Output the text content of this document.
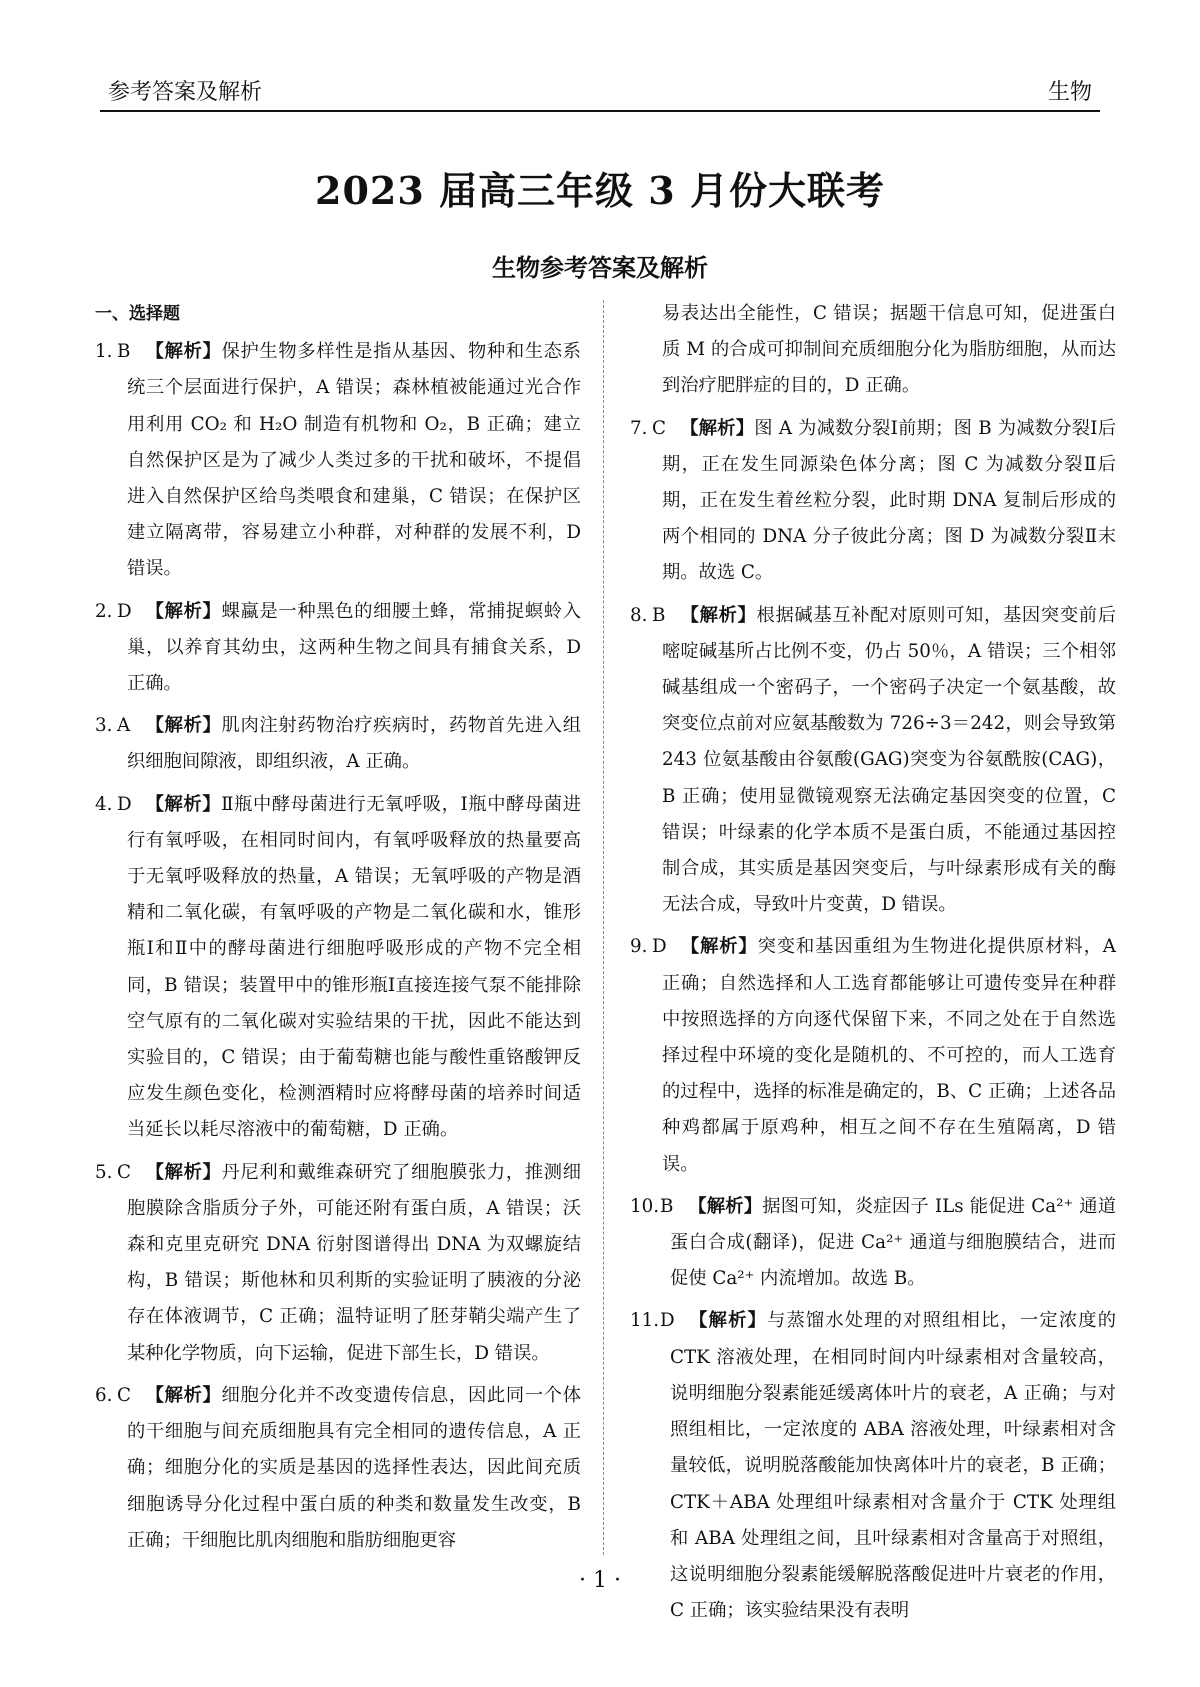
参考答案及解析	生物
2023 届高三年级 3 月份大联考
生物参考答案及解析
一、选择题
1. B 【解析】保护生物多样性是指从基因、物种和生态系统三个层面进行保护，A 错误；森林植被能通过光合作用利用 CO₂ 和 H₂O 制造有机物和 O₂，B 正确；建立自然保护区是为了减少人类过多的干扰和破坏，不提倡进入自然保护区给鸟类喂食和建巢，C 错误；在保护区建立隔离带，容易建立小种群，对种群的发展不利，D 错误。
2. D 【解析】蜾蠃是一种黑色的细腰土蜂，常捕捉螟蛉入巢，以养育其幼虫，这两种生物之间具有捕食关系，D 正确。
3. A 【解析】肌肉注射药物治疗疾病时，药物首先进入组织细胞间隙液，即组织液，A 正确。
4. D 【解析】Ⅱ瓶中酵母菌进行无氧呼吸，Ⅰ瓶中酵母菌进行有氧呼吸，在相同时间内，有氧呼吸释放的热量要高于无氧呼吸释放的热量，A 错误；无氧呼吸的产物是酒精和二氧化碳，有氧呼吸的产物是二氧化碳和水，锥形瓶Ⅰ和Ⅱ中的酵母菌进行细胞呼吸形成的产物不完全相同，B 错误；装置甲中的锥形瓶Ⅰ直接连接气泵不能排除空气原有的二氧化碳对实验结果的干扰，因此不能达到实验目的，C 错误；由于葡萄糖也能与酸性重铬酸钾反应发生颜色变化，检测酒精时应将酵母菌的培养时间适当延长以耗尽溶液中的葡萄糖，D 正确。
5. C 【解析】丹尼利和戴维森研究了细胞膜张力，推测细胞膜除含脂质分子外，可能还附有蛋白质，A 错误；沃森和克里克研究 DNA 衍射图谱得出 DNA 为双螺旋结构，B 错误；斯他林和贝利斯的实验证明了胰液的分泌存在体液调节，C 正确；温特证明了胚芽鞘尖端产生了某种化学物质，向下运输，促进下部生长，D 错误。
6. C 【解析】细胞分化并不改变遗传信息，因此同一个体的干细胞与间充质细胞具有完全相同的遗传信息，A 正确；细胞分化的实质是基因的选择性表达，因此间充质细胞诱导分化过程中蛋白质的种类和数量发生改变，B 正确；干细胞比肌肉细胞和脂肪细胞更容
易表达出全能性，C 错误；据题干信息可知，促进蛋白质 M 的合成可抑制间充质细胞分化为脂肪细胞，从而达到治疗肥胖症的目的，D 正确。
7. C 【解析】图 A 为减数分裂Ⅰ前期；图 B 为减数分裂Ⅰ后期，正在发生同源染色体分离；图 C 为减数分裂Ⅱ后期，正在发生着丝粒分裂，此时期 DNA 复制后形成的两个相同的 DNA 分子彼此分离；图 D 为减数分裂Ⅱ末期。故选 C。
8. B 【解析】根据碱基互补配对原则可知，基因突变前后嘧啶碱基所占比例不变，仍占 50％，A 错误；三个相邻碱基组成一个密码子，一个密码子决定一个氨基酸，故突变位点前对应氨基酸数为 726÷3＝242，则会导致第 243 位氨基酸由谷氨酸(GAG)突变为谷氨酰胺(CAG)，B 正确；使用显微镜观察无法确定基因突变的位置，C 错误；叶绿素的化学本质不是蛋白质，不能通过基因控制合成，其实质是基因突变后，与叶绿素形成有关的酶无法合成，导致叶片变黄，D 错误。
9. D 【解析】突变和基因重组为生物进化提供原材料，A 正确；自然选择和人工选育都能够让可遗传变异在种群中按照选择的方向逐代保留下来，不同之处在于自然选择过程中环境的变化是随机的、不可控的，而人工选育的过程中，选择的标准是确定的，B、C 正确；上述各品种鸡都属于原鸡种，相互之间不存在生殖隔离，D 错误。
10.B 【解析】据图可知，炎症因子 ILs 能促进 Ca²⁺ 通道蛋白合成(翻译)，促进 Ca²⁺ 通道与细胞膜结合，进而促使 Ca²⁺ 内流增加。故选 B。
11.D 【解析】与蒸馏水处理的对照组相比，一定浓度的 CTK 溶液处理，在相同时间内叶绿素相对含量较高，说明细胞分裂素能延缓离体叶片的衰老，A 正确；与对照组相比，一定浓度的 ABA 溶液处理，叶绿素相对含量较低，说明脱落酸能加快离体叶片的衰老，B 正确；CTK＋ABA 处理组叶绿素相对含量介于 CTK 处理组和 ABA 处理组之间，且叶绿素相对含量高于对照组，这说明细胞分裂素能缓解脱落酸促进叶片衰老的作用，C 正确；该实验结果没有表明
· 1 ·
